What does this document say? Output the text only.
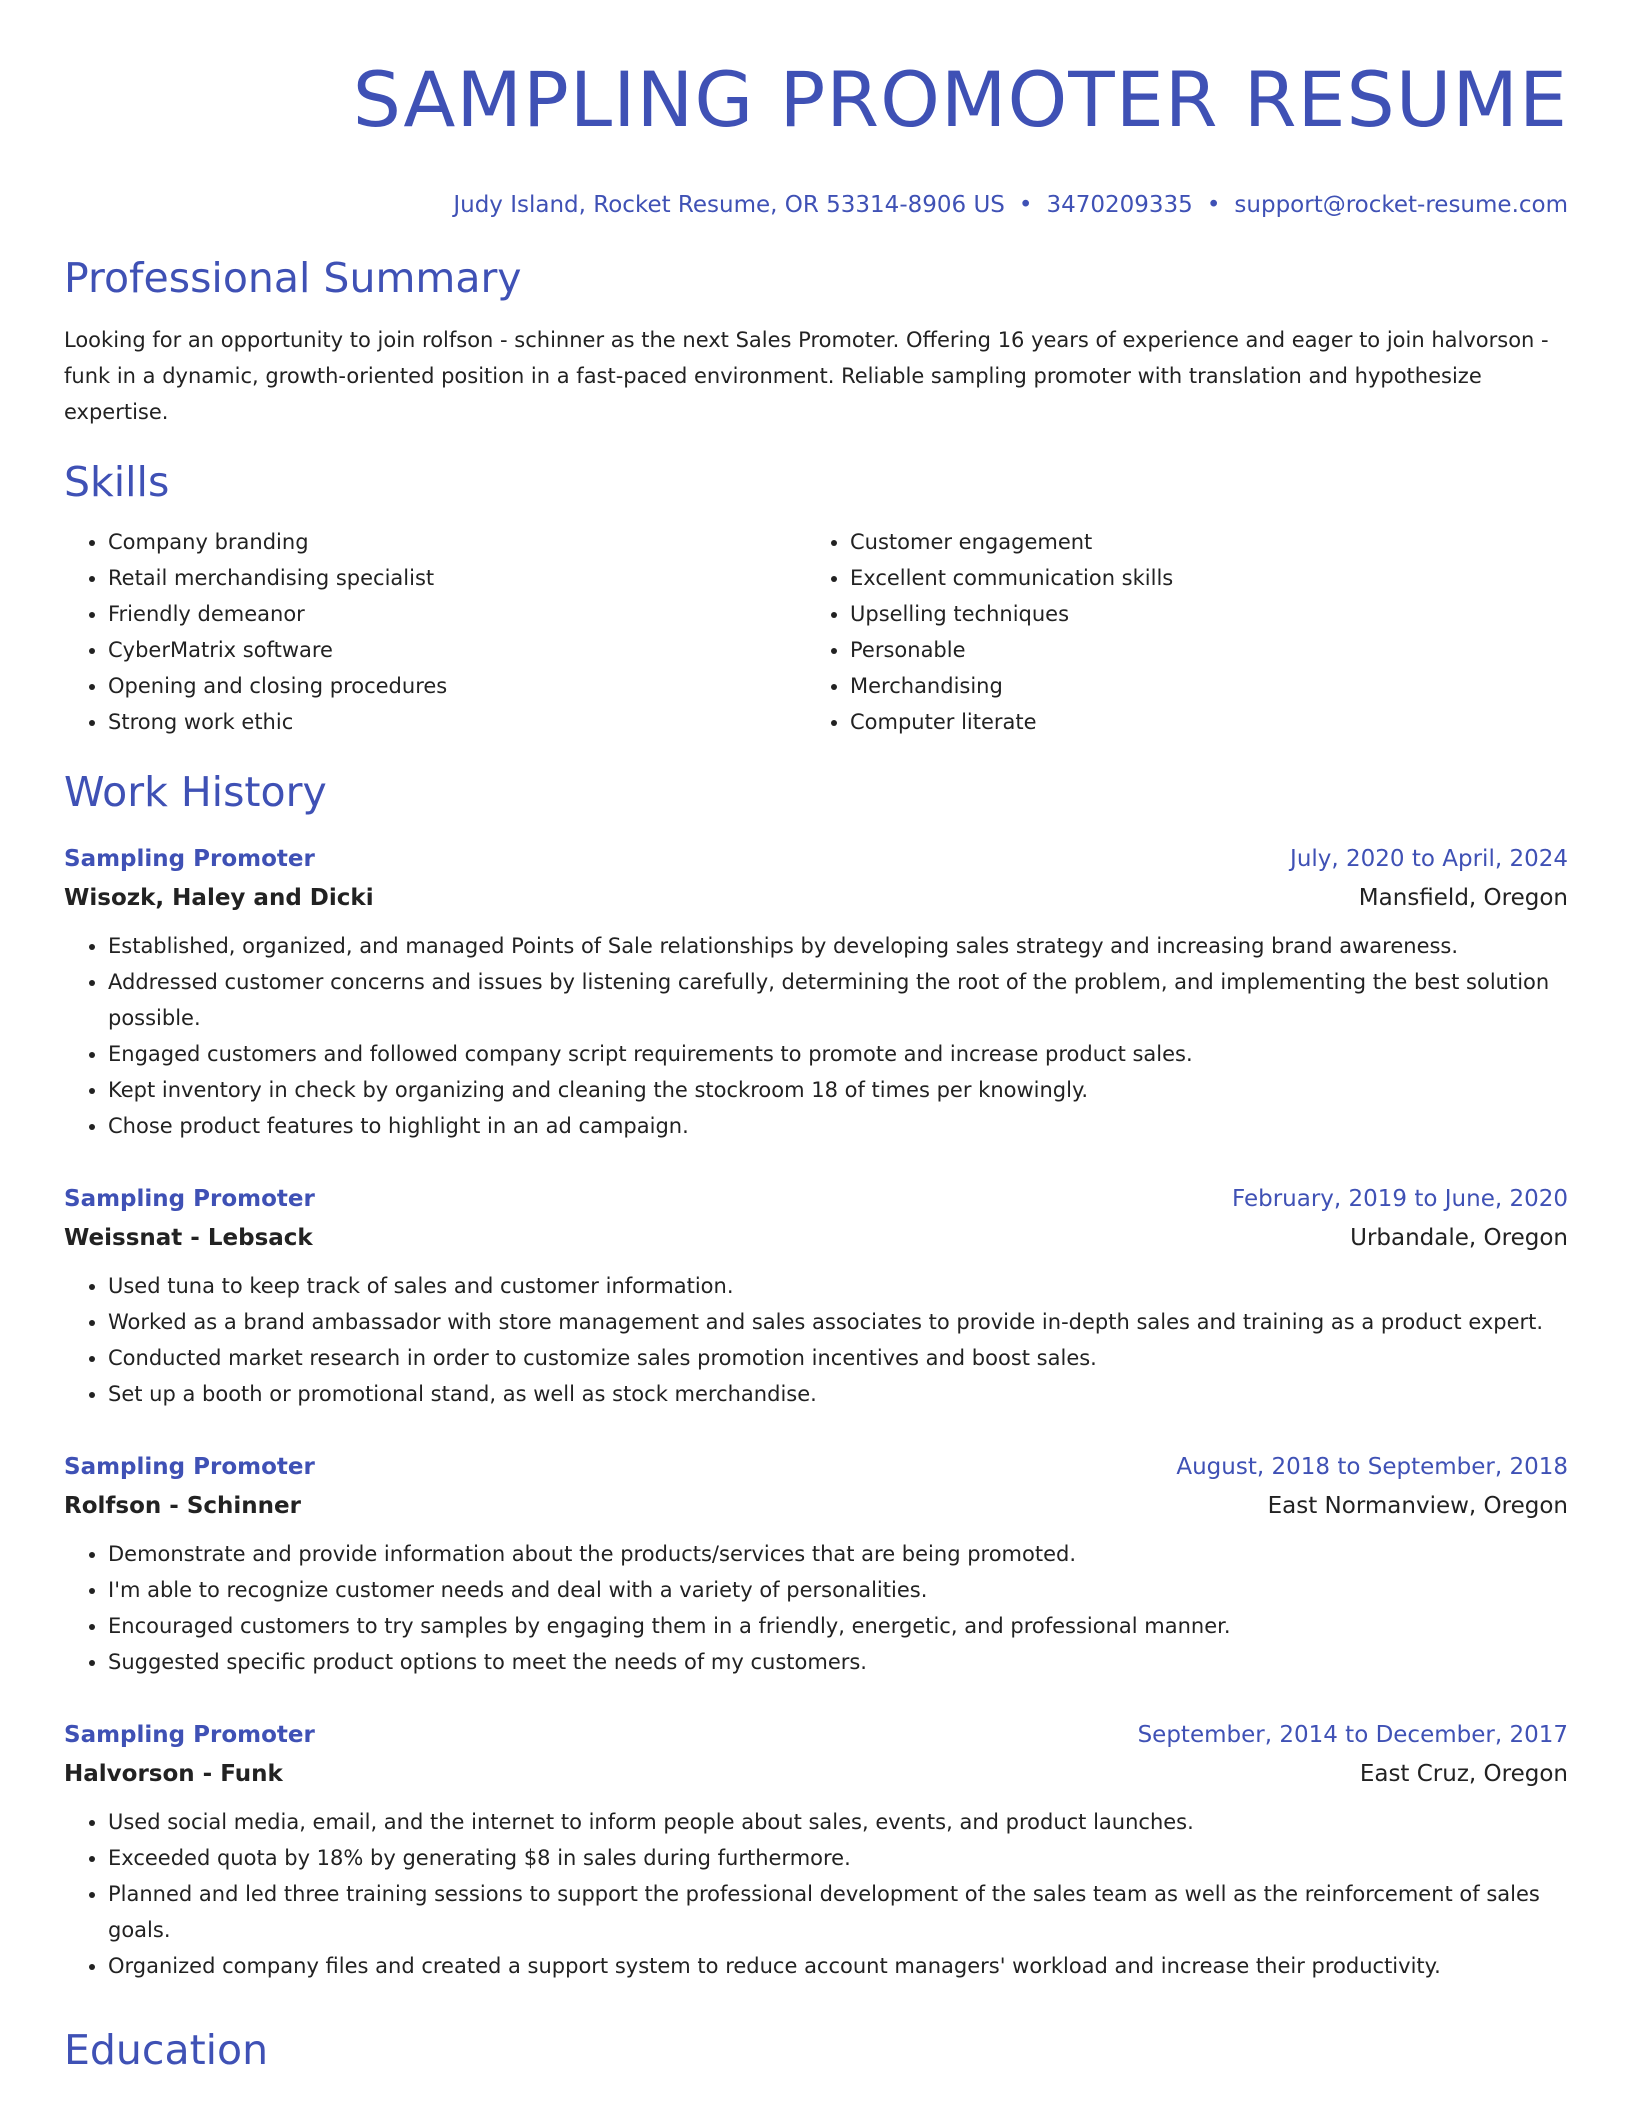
SAMPLING PROMOTER RESUME
Judy Island, Rocket Resume, OR 53314-8906 US • 3470209335 • support@rocket-resume.com
Professional Summary
Looking for an opportunity to join rolfson - schinner as the next Sales Promoter. Offering 16 years of experience and eager to join halvorson - funk in a dynamic, growth-oriented position in a fast-paced environment. Reliable sampling promoter with translation and hypothesize expertise.
Skills
• Company branding
• Retail merchandising specialist
• Friendly demeanor
• CyberMatrix software
• Opening and closing procedures
• Strong work ethic
• Customer engagement
• Excellent communication skills
• Upselling techniques
• Personable
• Merchandising
• Computer literate
Work History
Sampling Promoter	July, 2020 to April, 2024
Wisozk, Haley and Dicki	Mansfield, Oregon
• Established, organized, and managed Points of Sale relationships by developing sales strategy and increasing brand awareness.
• Addressed customer concerns and issues by listening carefully, determining the root of the problem, and implementing the best solution possible.
• Engaged customers and followed company script requirements to promote and increase product sales.
• Kept inventory in check by organizing and cleaning the stockroom 18 of times per knowingly.
• Chose product features to highlight in an ad campaign.
Sampling Promoter	February, 2019 to June, 2020
Weissnat - Lebsack	Urbandale, Oregon
• Used tuna to keep track of sales and customer information.
• Worked as a brand ambassador with store management and sales associates to provide in-depth sales and training as a product expert.
• Conducted market research in order to customize sales promotion incentives and boost sales.
• Set up a booth or promotional stand, as well as stock merchandise.
Sampling Promoter	August, 2018 to September, 2018
Rolfson - Schinner	East Normanview, Oregon
• Demonstrate and provide information about the products/services that are being promoted.
• I'm able to recognize customer needs and deal with a variety of personalities.
• Encouraged customers to try samples by engaging them in a friendly, energetic, and professional manner.
• Suggested specific product options to meet the needs of my customers.
Sampling Promoter	September, 2014 to December, 2017
Halvorson - Funk	East Cruz, Oregon
• Used social media, email, and the internet to inform people about sales, events, and product launches.
• Exceeded quota by 18% by generating $8 in sales during furthermore.
• Planned and led three training sessions to support the professional development of the sales team as well as the reinforcement of sales goals.
• Organized company files and created a support system to reduce account managers' workload and increase their productivity.
Education
